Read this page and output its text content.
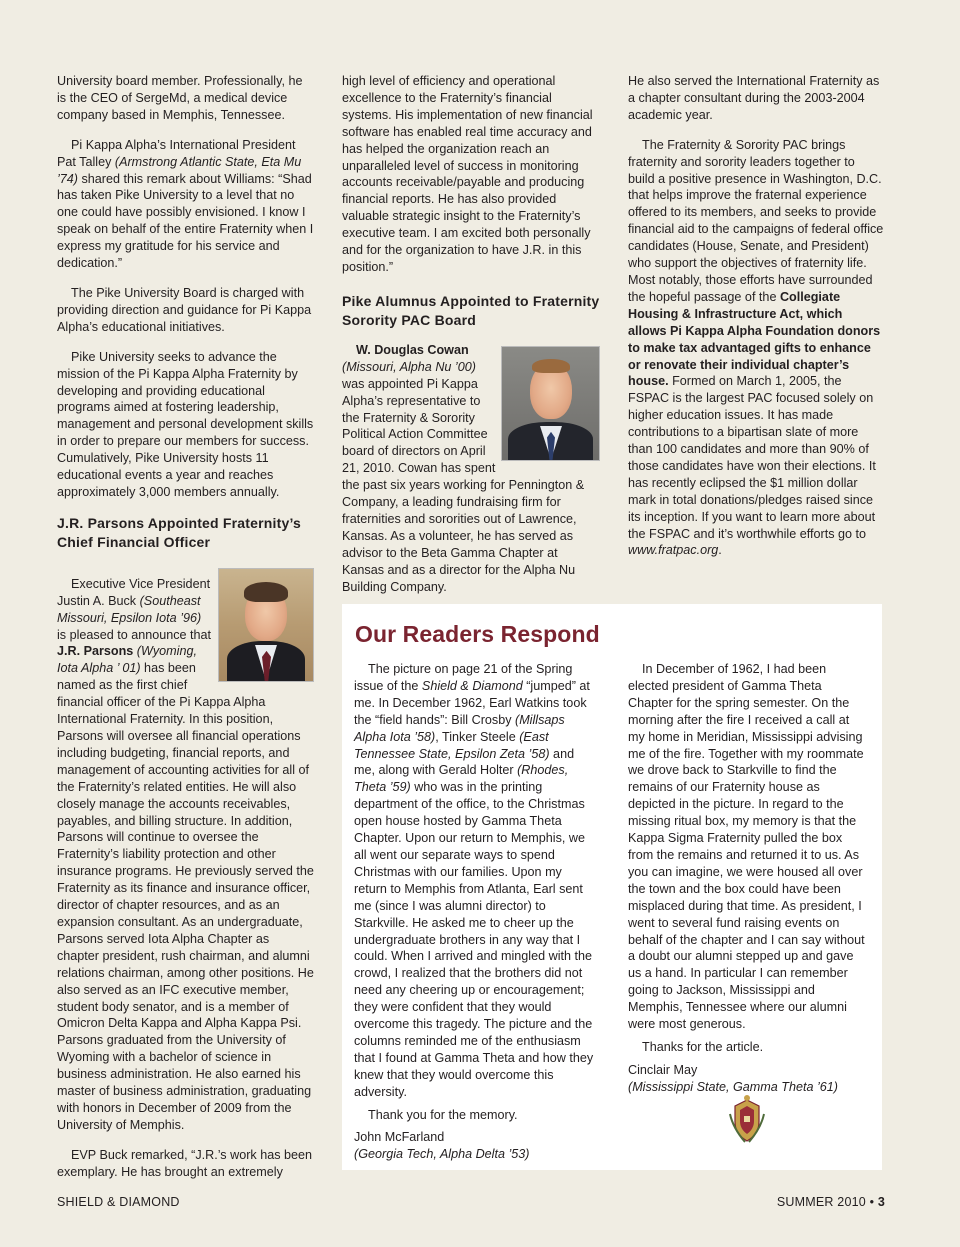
University board member. Professionally, he is the CEO of SergeMd, a medical device company based in Memphis, Tennessee.

Pi Kappa Alpha’s International President Pat Talley (Armstrong Atlantic State, Eta Mu ’74) shared this remark about Williams: “Shad has taken Pike University to a level that no one could have possibly envisioned. I know I speak on behalf of the entire Fraternity when I express my gratitude for his service and dedication.”

The Pike University Board is charged with providing direction and guidance for Pi Kappa Alpha’s educational initiatives.

Pike University seeks to advance the mission of the Pi Kappa Alpha Fraternity by developing and providing educational programs aimed at fostering leadership, management and personal development skills in order to prepare our members for success. Cumulatively, Pike University hosts 11 educational events a year and reaches approximately 3,000 members annually.

J.R. Parsons Appointed Fraternity’s Chief Financial Officer

Executive Vice President Justin A. Buck (Southeast Missouri, Epsilon Iota ’96) is pleased to announce that J.R. Parsons (Wyoming, Iota Alpha ’ 01) has been named as the first chief financial officer of the Pi Kappa Alpha International Fraternity. In this position, Parsons will oversee all financial operations including budgeting, financial reports, and management of accounting activities for all of the Fraternity’s related entities. He will also closely manage the accounts receivables, payables, and billing structure. In addition, Parsons will continue to oversee the Fraternity’s liability protection and other insurance programs. He previously served the Fraternity as its finance and insurance officer, director of chapter resources, and as an expansion consultant. As an undergraduate, Parsons served Iota Alpha Chapter as chapter president, rush chairman, and alumni relations chairman, among other positions. He also served as an IFC executive member, student body senator, and is a member of Omicron Delta Kappa and Alpha Kappa Psi. Parsons graduated from the University of Wyoming with a bachelor of science in business administration. He also earned his master of business administration, graduating with honors in December of 2009 from the University of Memphis.

EVP Buck remarked, “J.R.’s work has been exemplary. He has brought an extremely

high level of efficiency and operational excellence to the Fraternity’s financial systems. His implementation of new financial software has enabled real time accuracy and has helped the organization reach an unparalleled level of success in monitoring accounts receivable/payable and producing financial reports. He has also provided valuable strategic insight to the Fraternity’s executive team. I am excited both personally and for the organization to have J.R. in this position.”

Pike Alumnus Appointed to Fraternity Sorority PAC Board

W. Douglas Cowan (Missouri, Alpha Nu ’00) was appointed Pi Kappa Alpha’s representative to the Fraternity & Sorority Political Action Committee board of directors on April 21, 2010. Cowan has spent the past six years working for Pennington & Company, a leading fundraising firm for fraternities and sororities out of Lawrence, Kansas. As a volunteer, he has served as advisor to the Beta Gamma Chapter at Kansas and as a director for the Alpha Nu Building Company.

He also served the International Fraternity as a chapter consultant during the 2003-2004 academic year.

The Fraternity & Sorority PAC brings fraternity and sorority leaders together to build a positive presence in Washington, D.C. that helps improve the fraternal experience offered to its members, and seeks to provide financial aid to the campaigns of federal office candidates (House, Senate, and President) who support the objectives of fraternity life. Most notably, those efforts have surrounded the hopeful passage of the Collegiate Housing & Infrastructure Act, which allows Pi Kappa Alpha Foundation donors to make tax advantaged gifts to enhance or renovate their individual chapter’s house. Formed on March 1, 2005, the FSPAC is the largest PAC focused solely on higher education issues. It has made contributions to a bipartisan slate of more than 100 candidates and more than 90% of those candidates have won their elections. It has recently eclipsed the $1 million dollar mark in total donations/pledges raised since its inception. If you want to learn more about the FSPAC and it’s worthwhile efforts go to www.fratpac.org.

Our Readers Respond

The picture on page 21 of the Spring issue of the Shield & Diamond “jumped” at me. In December 1962, Earl Watkins took the “field hands”: Bill Crosby (Millsaps Alpha Iota ’58), Tinker Steele (East Tennessee State, Epsilon Zeta ’58) and me, along with Gerald Holter (Rhodes, Theta ’59) who was in the printing department of the office, to the Christmas open house hosted by Gamma Theta Chapter. Upon our return to Memphis, we all went our separate ways to spend Christmas with our families. Upon my return to Memphis from Atlanta, Earl sent me (since I was alumni director) to Starkville. He asked me to cheer up the undergraduate brothers in any way that I could. When I arrived and mingled with the crowd, I realized that the brothers did not need any cheering up or encouragement; they were confident that they would overcome this tragedy. The picture and the columns reminded me of the enthusiasm that I found at Gamma Theta and how they knew that they would overcome this adversity.

Thank you for the memory.

John McFarland

(Georgia Tech, Alpha Delta ’53)

In December of 1962, I had been elected president of Gamma Theta Chapter for the spring semester. On the morning after the fire I received a call at my home in Meridian, Mississippi advising me of the fire. Together with my roommate we drove back to Starkville to find the remains of our Fraternity house as depicted in the picture. In regard to the missing ritual box, my memory is that the Kappa Sigma Fraternity pulled the box from the remains and returned it to us. As you can imagine, we were housed all over the town and the box could have been misplaced during that time. As president, I went to several fund raising events on behalf of the chapter and I can say without a doubt our alumni stepped up and gave us a hand. In particular I can remember going to Jackson, Mississippi and Memphis, Tennessee where our alumni were most generous.

Thanks for the article.

Cinclair May

(Mississippi State, Gamma Theta ’61)

SHIELD & DIAMOND	SUMMER 2010 • 3
